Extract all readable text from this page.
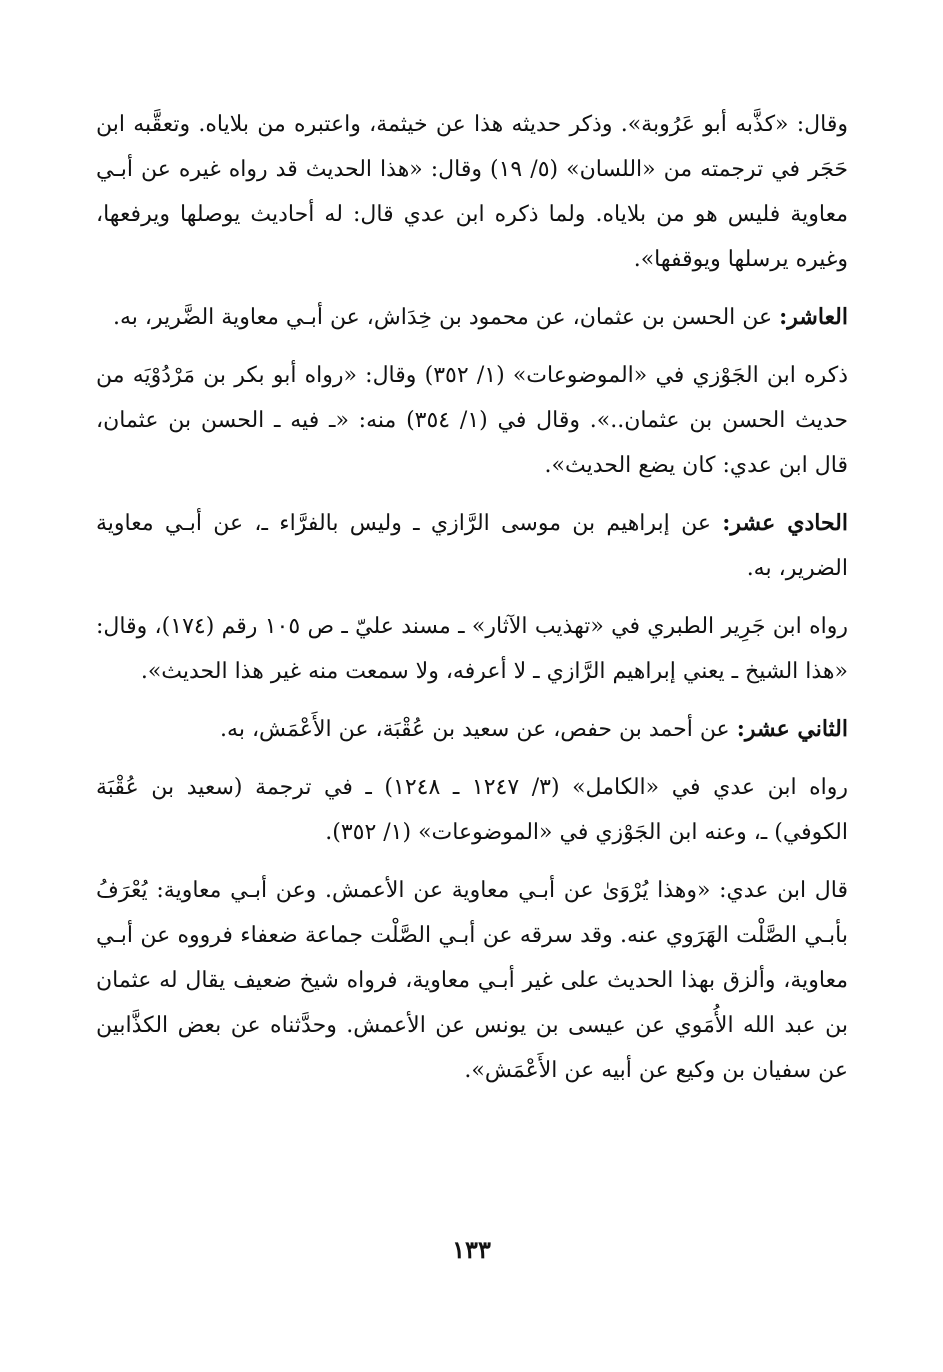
وقال: «كذَّبه أبو عَرُوبة». وذكر حديثه هذا عن خيثمة، واعتبره من بلاياه. وتعقَّبه ابن حَجَر في ترجمته من «اللسان» (٥/ ١٩) وقال: «هذا الحديث قد رواه غيره عن أبـي معاوية فليس هو من بلاياه. ولما ذكره ابن عدي قال: له أحاديث يوصلها ويرفعها، وغيره يرسلها ويوقفها».

العاشر: عن الحسن بن عثمان، عن محمود بن خِدَاش، عن أبـي معاوية الضَّرير، به.

ذكره ابن الجَوْزي في «الموضوعات» (١/ ٣٥٢) وقال: «رواه أبو بكر بن مَرْدُوْيَه من حديث الحسن بن عثمان..». وقال في (١/ ٣٥٤) منه: «ـ فيه ـ الحسن بن عثمان، قال ابن عدي: كان يضع الحديث».

الحادي عشر: عن إبراهيم بن موسى الرَّازي ـ وليس بالفرَّاء ـ، عن أبـي معاوية الضرير، به.

رواه ابن جَرِير الطبري في «تهذيب الآثار» ـ مسند عليّ ـ ص ١٠٥ رقم (١٧٤)، وقال: «هذا الشيخ ـ يعني إبراهيم الرَّازي ـ لا أعرفه، ولا سمعت منه غير هذا الحديث».

الثاني عشر: عن أحمد بن حفص، عن سعيد بن عُقْبَة، عن الأَعْمَش، به.

رواه ابن عدي في «الكامل» (٣/ ١٢٤٧ ـ ١٢٤٨) ـ في ترجمة (سعيد بن عُقْبَة الكوفي) ـ، وعنه ابن الجَوْزي في «الموضوعات» (١/ ٣٥٢).

قال ابن عدي: «وهذا يُرْوَىٰ عن أبـي معاوية عن الأعمش. وعن أبـي معاوية: يُعْرَفُ بأبـي الصَّلْت الهَرَوي عنه. وقد سرقه عن أبـي الصَّلْت جماعة ضعفاء فرووه عن أبـي معاوية، وألزق بهذا الحديث على غير أبـي معاوية، فرواه شيخ ضعيف يقال له عثمان بن عبد الله الأُمَوي عن عيسى بن يونس عن الأعمش. وحدَّثناه عن بعض الكذَّابين عن سفيان بن وكيع عن أبيه عن الأَعْمَش».

١٣٣
